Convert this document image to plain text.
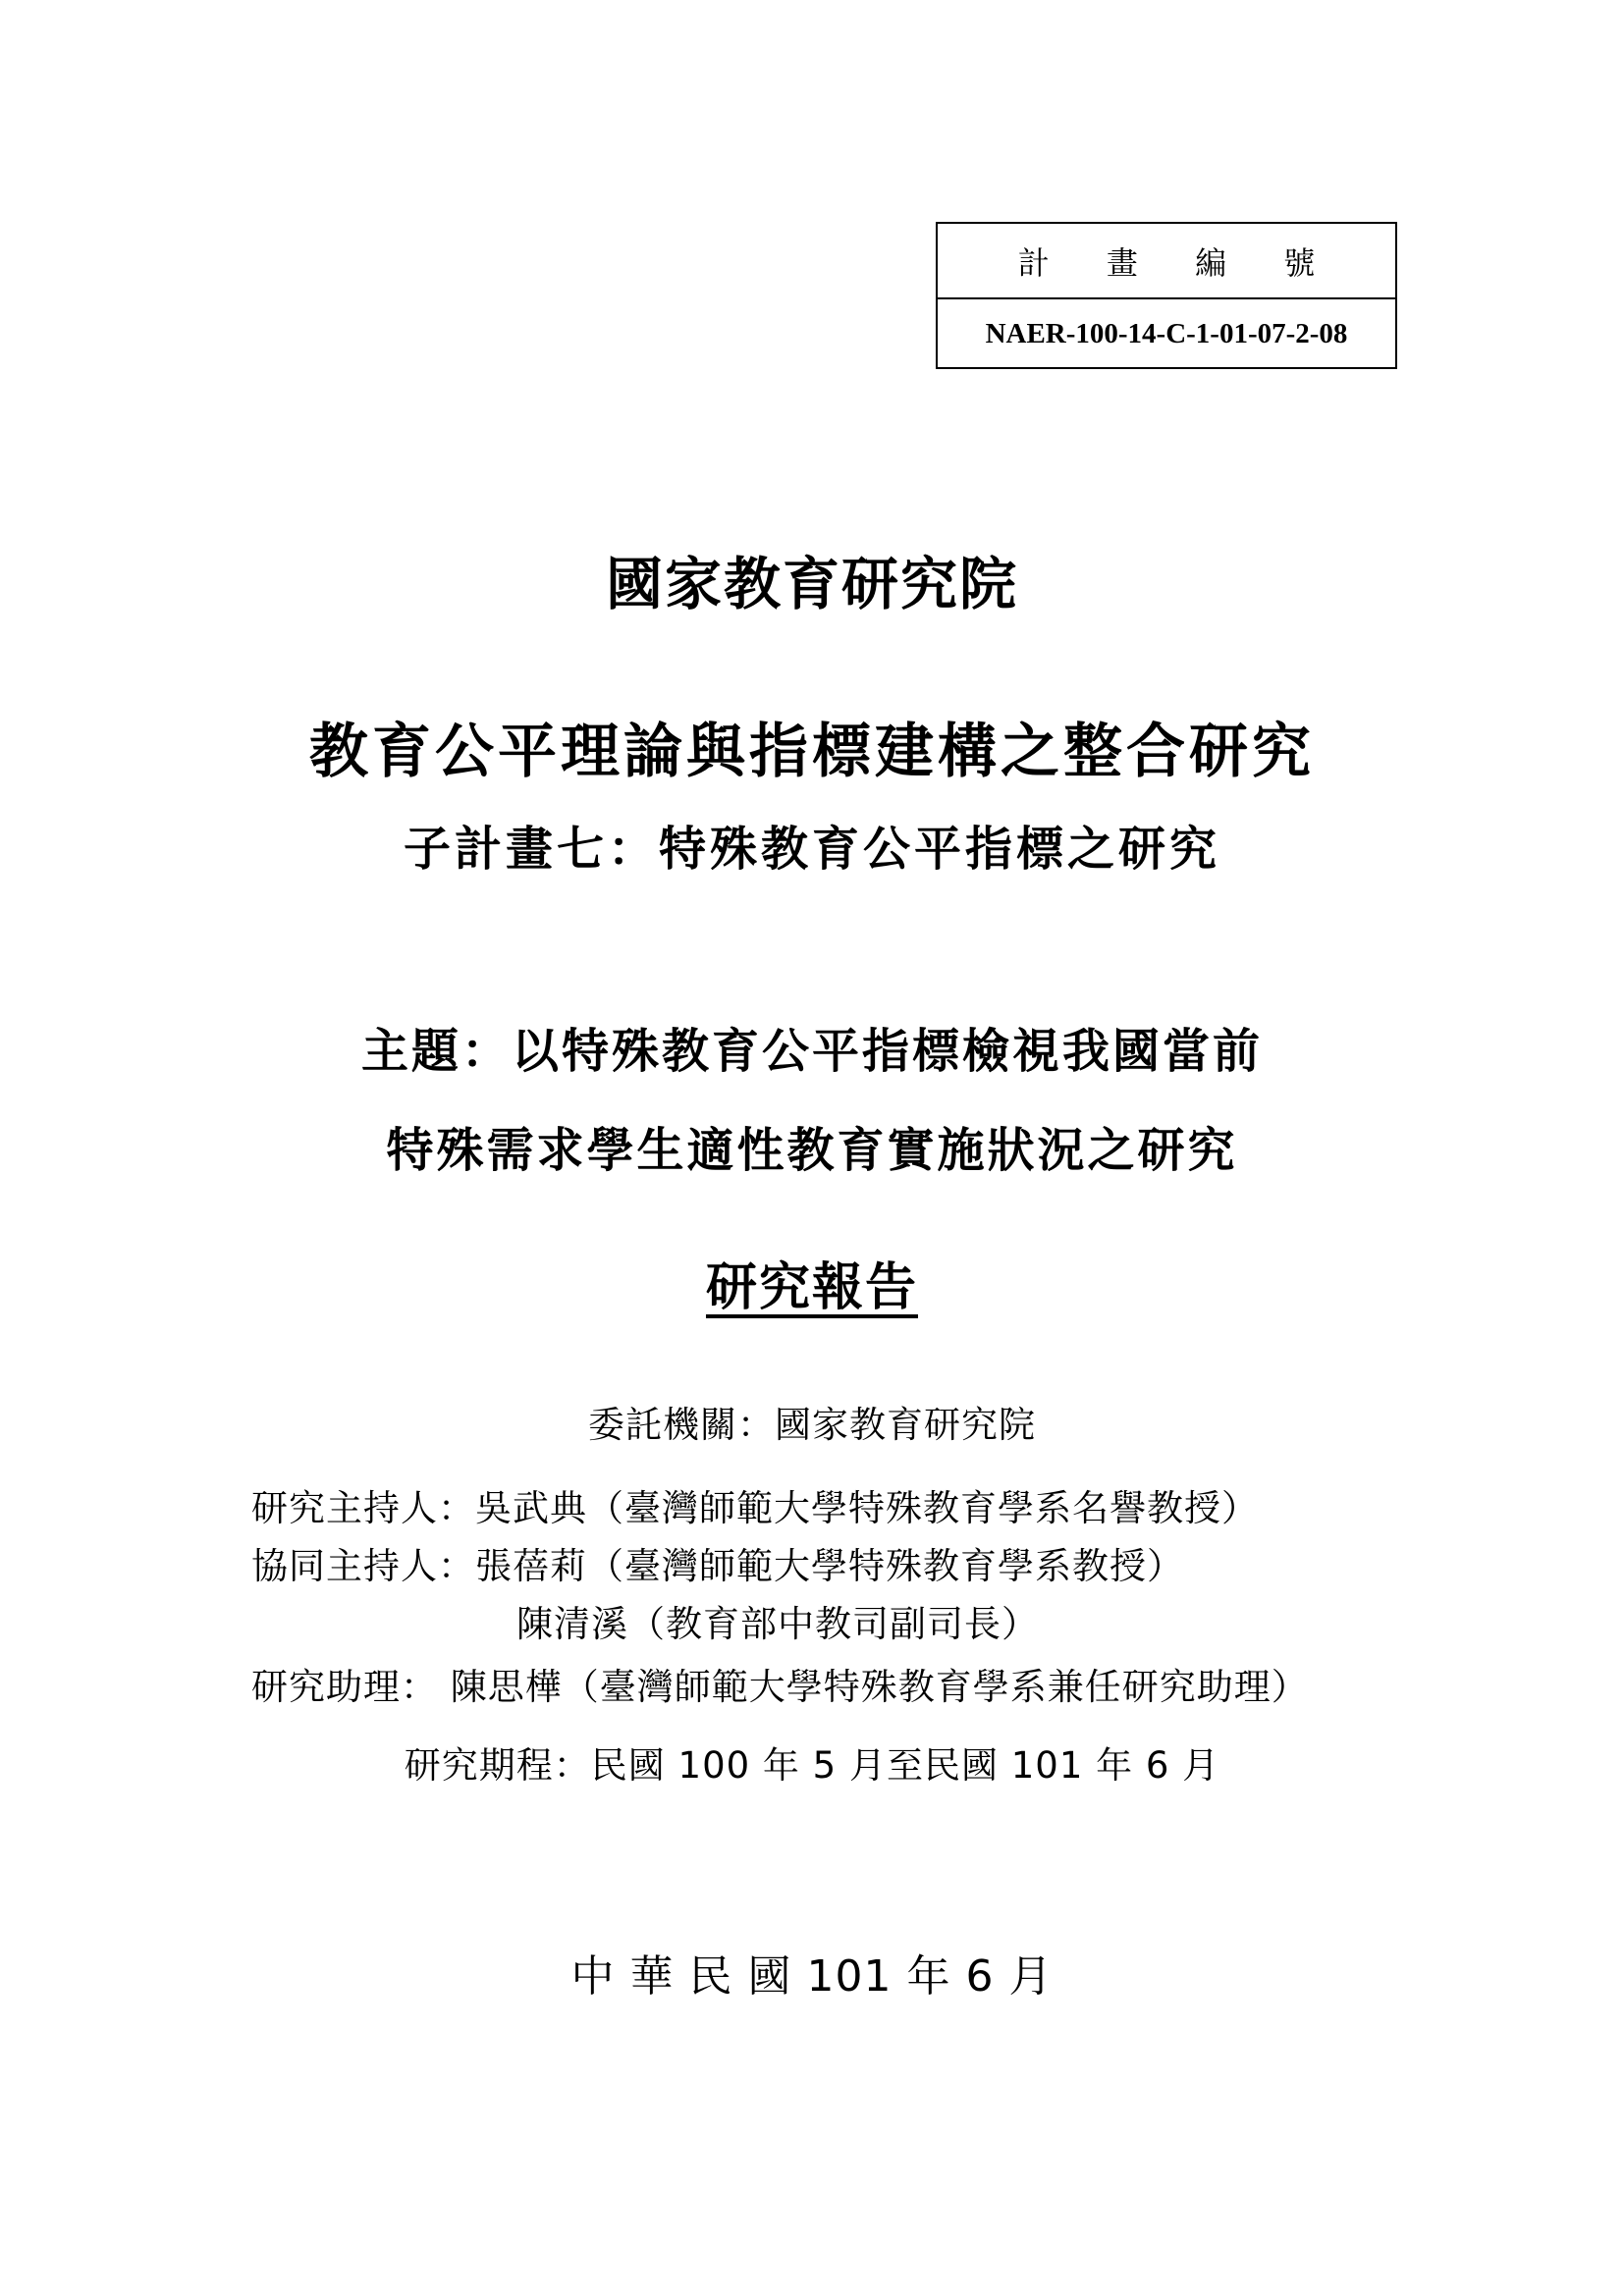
計 畫 編 號
NAER-100-14-C-1-01-07-2-08
國家教育研究院
教育公平理論與指標建構之整合研究
子計畫七：特殊教育公平指標之研究
主題：以特殊教育公平指標檢視我國當前
特殊需求學生適性教育實施狀況之研究
研究報告
委託機關：國家教育研究院
研究主持人：吳武典（臺灣師範大學特殊教育學系名譽教授）
協同主持人：張蓓莉（臺灣師範大學特殊教育學系教授）
陳清溪（教育部中教司副司長）
研究助理： 陳思樺（臺灣師範大學特殊教育學系兼任研究助理）
研究期程：民國 100 年 5 月至民國 101 年 6 月
中 華 民 國 101 年 6 月
